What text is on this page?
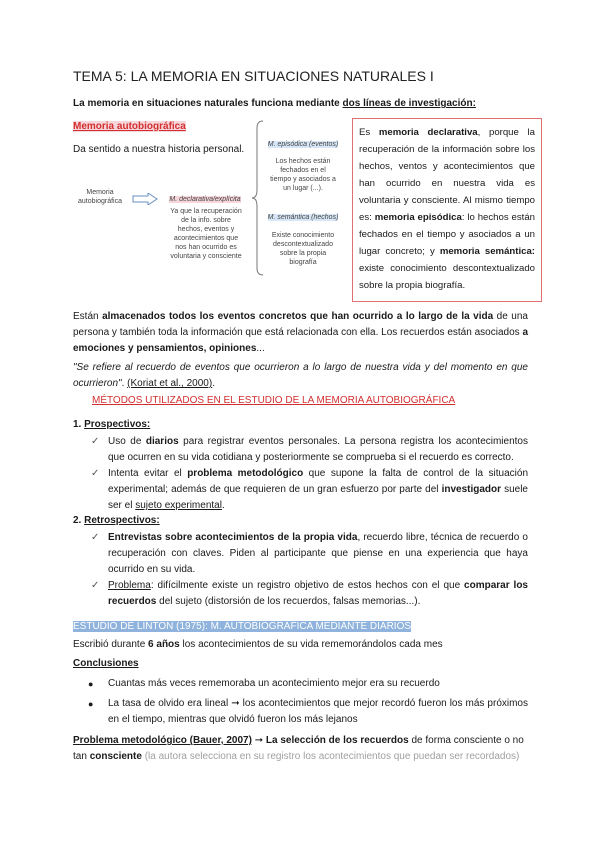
TEMA 5: LA MEMORIA EN SITUACIONES NATURALES I
La memoria en situaciones naturales funciona mediante dos líneas de investigación:
Memoria autobiográfica
Da sentido a nuestra historia personal.
Memoria autobiográfica	M. declarativa/explícita
Ya que la recuperación de la info. sobre hechos, eventos y acontecimientos que nos han ocurrido es voluntaria y consciente
M. episódica (eventos)
Los hechos están fechados en el tiempo y asociados a un lugar (...).
M. semántica (hechos)
Existe conocimiento descontextualizado sobre la propia biografía
Es memoria declarativa, porque la recuperación de la información sobre los hechos, ventos y acontecimientos que han ocurrido en nuestra vida es voluntaria y consciente. Al mismo tiempo es: memoria episódica: lo hechos están fechados en el tiempo y asociados a un lugar concreto; y memoria semántica: existe conocimiento descontextualizado sobre la propia biografía.
Están almacenados todos los eventos concretos que han ocurrido a lo largo de la vida de una persona y también toda la información que está relacionada con ella. Los recuerdos están asociados a emociones y pensamientos, opiniones...
"Se refiere al recuerdo de eventos que ocurrieron a lo largo de nuestra vida y del momento en que ocurrieron". (Koriat et al., 2000).
MÉTODOS UTILIZADOS EN EL ESTUDIO DE LA MEMORIA AUTOBIOGRÁFICA
1. Prospectivos:
✓ Uso de diarios para registrar eventos personales. La persona registra los acontecimientos que ocurren en su vida cotidiana y posteriormente se comprueba si el recuerdo es correcto.
✓ Intenta evitar el problema metodológico que supone la falta de control de la situación experimental; además de que requieren de un gran esfuerzo por parte del investigador suele ser el sujeto experimental.
2. Retrospectivos:
✓ Entrevistas sobre acontecimientos de la propia vida, recuerdo libre, técnica de recuerdo o recuperación con claves. Piden al participante que piense en una experiencia que haya ocurrido en su vida.
✓ Problema: difícilmente existe un registro objetivo de estos hechos con el que comparar los recuerdos del sujeto (distorsión de los recuerdos, falsas memorias...).
ESTUDIO DE LINTON (1975): M. AUTOBIOGRÁFICA MEDIANTE DIARIOS
Escribió durante 6 años los acontecimientos de su vida rememorándolos cada mes
Conclusiones
● Cuantas más veces rememoraba un acontecimiento mejor era su recuerdo
● La tasa de olvido era lineal ➞ los acontecimientos que mejor recordó fueron los más próximos en el tiempo, mientras que olvidó fueron los más lejanos
Problema metodológico (Bauer, 2007) ➞ La selección de los recuerdos de forma consciente o no tan consciente (la autora selecciona en su registro los acontecimientos que puedan ser recordados)
